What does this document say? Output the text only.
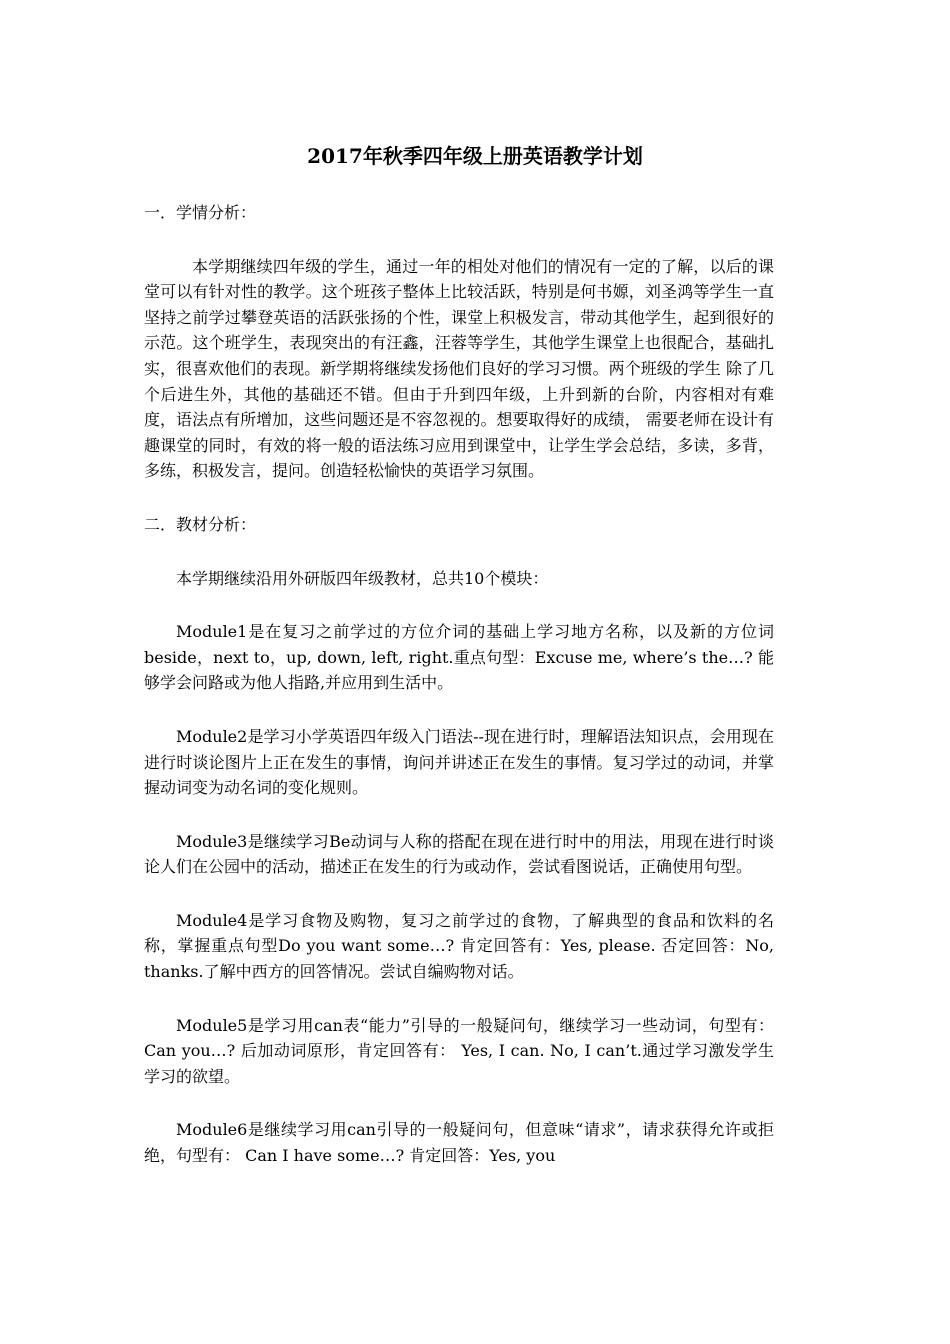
2017年秋季四年级上册英语教学计划

一．学情分析：

本学期继续四年级的学生，通过一年的相处对他们的情况有一定的了解，以后的课堂可以有针对性的教学。这个班孩子整体上比较活跃，特别是何书嫄，刘圣鸿等学生一直坚持之前学过攀登英语的活跃张扬的个性，课堂上积极发言，带动其他学生，起到很好的示范。这个班学生，表现突出的有汪鑫，汪蓉等学生，其他学生课堂上也很配合，基础扎实，很喜欢他们的表现。新学期将继续发扬他们良好的学习习惯。两个班级的学生 除了几个后进生外，其他的基础还不错。但由于升到四年级，上升到新的台阶，内容相对有难度，语法点有所增加，这些问题还是不容忽视的。想要取得好的成绩， 需要老师在设计有趣课堂的同时，有效的将一般的语法练习应用到课堂中，让学生学会总结，多读，多背，多练，积极发言，提问。创造轻松愉快的英语学习氛围。

二．教材分析：

本学期继续沿用外研版四年级教材，总共10个模块：

Module1是在复习之前学过的方位介词的基础上学习地方名称，以及新的方位词beside，next to，up, down, left, right.重点句型：Excuse me, where’s the…? 能够学会问路或为他人指路,并应用到生活中。

Module2是学习小学英语四年级入门语法--现在进行时，理解语法知识点，会用现在进行时谈论图片上正在发生的事情，询问并讲述正在发生的事情。复习学过的动词，并掌握动词变为动名词的变化规则。

Module3是继续学习Be动词与人称的搭配在现在进行时中的用法，用现在进行时谈论人们在公园中的活动，描述正在发生的行为或动作，尝试看图说话，正确使用句型。

Module4是学习食物及购物，复习之前学过的食物，了解典型的食品和饮料的名称，掌握重点句型Do you want some…? 肯定回答有：Yes, please. 否定回答：No, thanks.了解中西方的回答情况。尝试自编购物对话。

Module5是学习用can表“能力”引导的一般疑问句，继续学习一些动词，句型有：Can you…? 后加动词原形，肯定回答有： Yes, I can. No, I can’t.通过学习激发学生学习的欲望。

Module6是继续学习用can引导的一般疑问句，但意味“请求”，请求获得允许或拒绝，句型有： Can I have some…? 肯定回答：Yes, you
